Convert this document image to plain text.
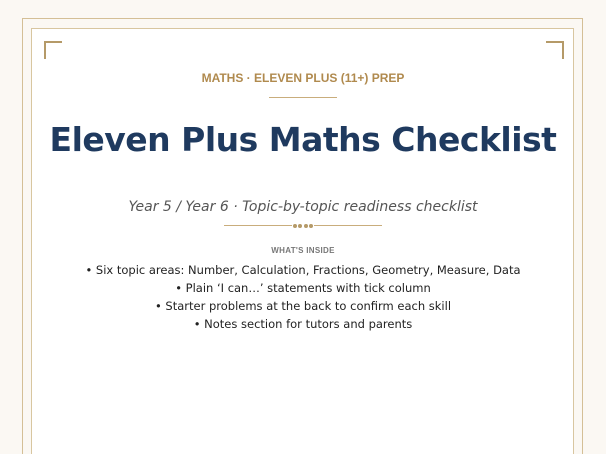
MATHS · ELEVEN PLUS (11+) PREP
Eleven Plus Maths Checklist
Year 5 / Year 6 · Topic-by-topic readiness checklist
WHAT'S INSIDE
• Six topic areas: Number, Calculation, Fractions, Geometry, Measure, Data
• Plain ‘I can…’ statements with tick column
• Starter problems at the back to confirm each skill
• Notes section for tutors and parents
